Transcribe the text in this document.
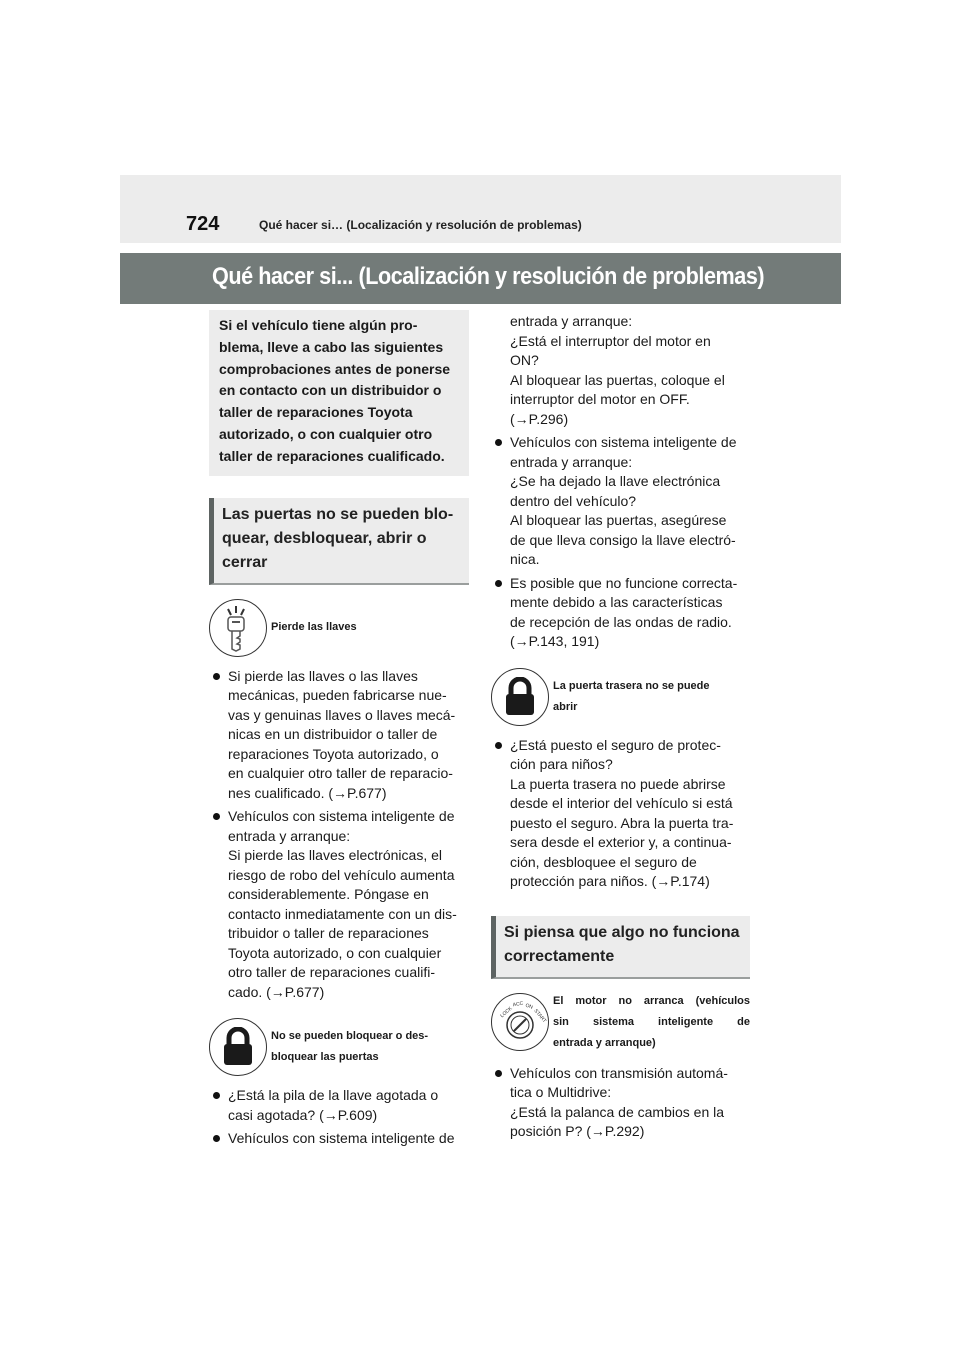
724	Qué hacer si… (Localización y resolución de problemas)
Qué hacer si... (Localización y resolución de problemas)
Si el vehículo tiene algún pro-
blema, lleve a cabo las siguientes
comprobaciones antes de ponerse
en contacto con un distribuidor o
taller de reparaciones Toyota
autorizado, o con cualquier otro
taller de reparaciones cualificado.
Las puertas no se pueden blo-
quear, desbloquear, abrir o
cerrar
Pierde las llaves
Si pierde las llaves o las llaves
mecánicas, pueden fabricarse nue-
vas y genuinas llaves o llaves mecá-
nicas en un distribuidor o taller de
reparaciones Toyota autorizado, o
en cualquier otro taller de reparacio-
nes cualificado. (→P.677)
Vehículos con sistema inteligente de
entrada y arranque:
Si pierde las llaves electrónicas, el
riesgo de robo del vehículo aumenta
considerablemente. Póngase en
contacto inmediatamente con un dis-
tribuidor o taller de reparaciones
Toyota autorizado, o con cualquier
otro taller de reparaciones cualifi-
cado. (→P.677)
No se pueden bloquear o des-
bloquear las puertas
¿Está la pila de la llave agotada o
casi agotada? (→P.609)
Vehículos con sistema inteligente de
entrada y arranque:
¿Está el interruptor del motor en
ON?
Al bloquear las puertas, coloque el
interruptor del motor en OFF.
(→P.296)
Vehículos con sistema inteligente de
entrada y arranque:
¿Se ha dejado la llave electrónica
dentro del vehículo?
Al bloquear las puertas, asegúrese
de que lleva consigo la llave electró-
nica.
Es posible que no funcione correcta-
mente debido a las características
de recepción de las ondas de radio.
(→P.143, 191)
La puerta trasera no se puede
abrir
¿Está puesto el seguro de protec-
ción para niños?
La puerta trasera no puede abrirse
desde el interior del vehículo si está
puesto el seguro. Abra la puerta tra-
sera desde el exterior y, a continua-
ción, desbloquee el seguro de
protección para niños. (→P.174)
Si piensa que algo no funciona
correctamente
LOCK
ACC ON
START
El motor no arranca (vehículos
sin sistema inteligente de
entrada y arranque)
Vehículos con transmisión automá-
tica o Multidrive:
¿Está la palanca de cambios en la
posición P? (→P.292)
